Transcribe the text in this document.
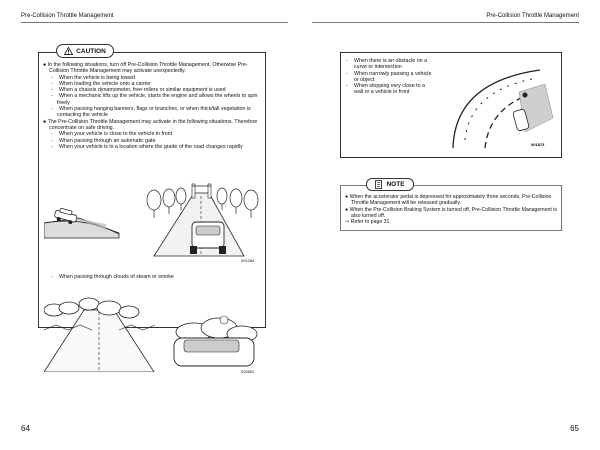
Pre-Collision Throttle Management	Pre-Collision Throttle Management
CAUTION
● In the following situations, turn off Pre-Collision Throttle Management. Otherwise Pre-Collision Throttle Management may activate unexpectedly.
- When the vehicle is being towed
- When loading the vehicle onto a carrier
- When a chassis dynamometer, free-rollers or similar equipment is used
- When a mechanic lifts up the vehicle, starts the engine and allows the wheels to spin freely
- When passing hanging banners, flags or branches, or when thick/tall vegetation is contacting the vehicle
● The Pre-Collision Throttle Management may activate in the following situations. Therefore concentrate on safe driving.
- When your vehicle is close to the vehicle in front
- When passing through an automatic gate
- When your vehicle is in a location where the grade of the road changes rapidly
001284
- When passing through clouds of steam or smoke
000652
- When there is an obstacle on a curve or intersection
- When narrowly passing a vehicle or object
- When stopping very close to a wall or a vehicle in front
001873
NOTE
● When the accelerator pedal is depressed for approximately three seconds, Pre-Collision Throttle Management will be released gradually.
● When the Pre-Collision Braking System is turned off, Pre-Collision Throttle Management is also turned off.
⇒ Refer to page 31.
64	65
